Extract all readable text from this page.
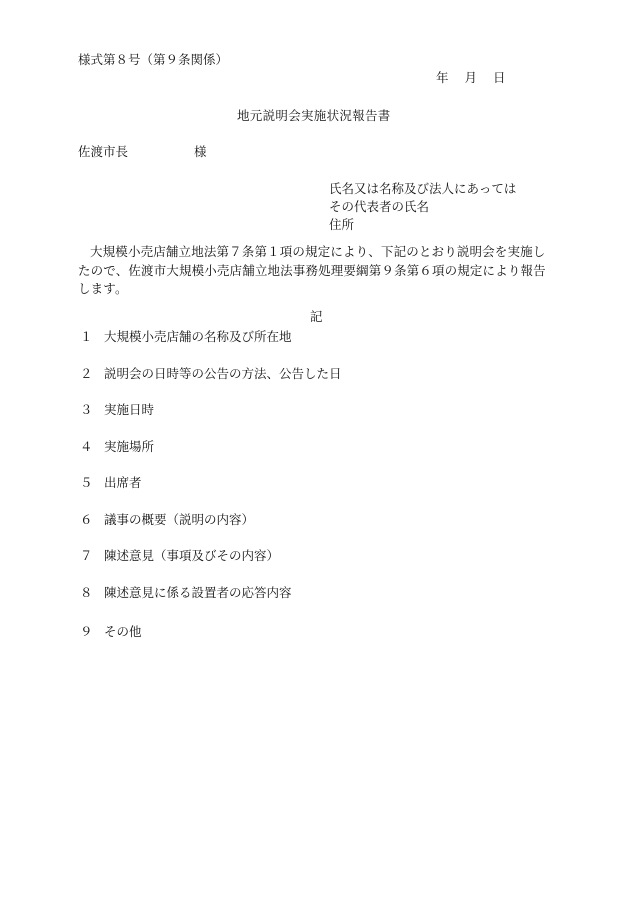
様式第８号（第９条関係）
年 月 日
地元説明会実施状況報告書
佐渡市長	様
氏名又は名称及び法人にあっては
その代表者の氏名
住所
大規模小売店舗立地法第７条第１項の規定により、下記のとおり説明会を実施したので、佐渡市大規模小売店舗立地法事務処理要綱第９条第６項の規定により報告します。
記
１ 大規模小売店舗の名称及び所在地
２ 説明会の日時等の公告の方法、公告した日
３ 実施日時
４ 実施場所
５ 出席者
６ 議事の概要（説明の内容）
７ 陳述意見（事項及びその内容）
８ 陳述意見に係る設置者の応答内容
９ その他
